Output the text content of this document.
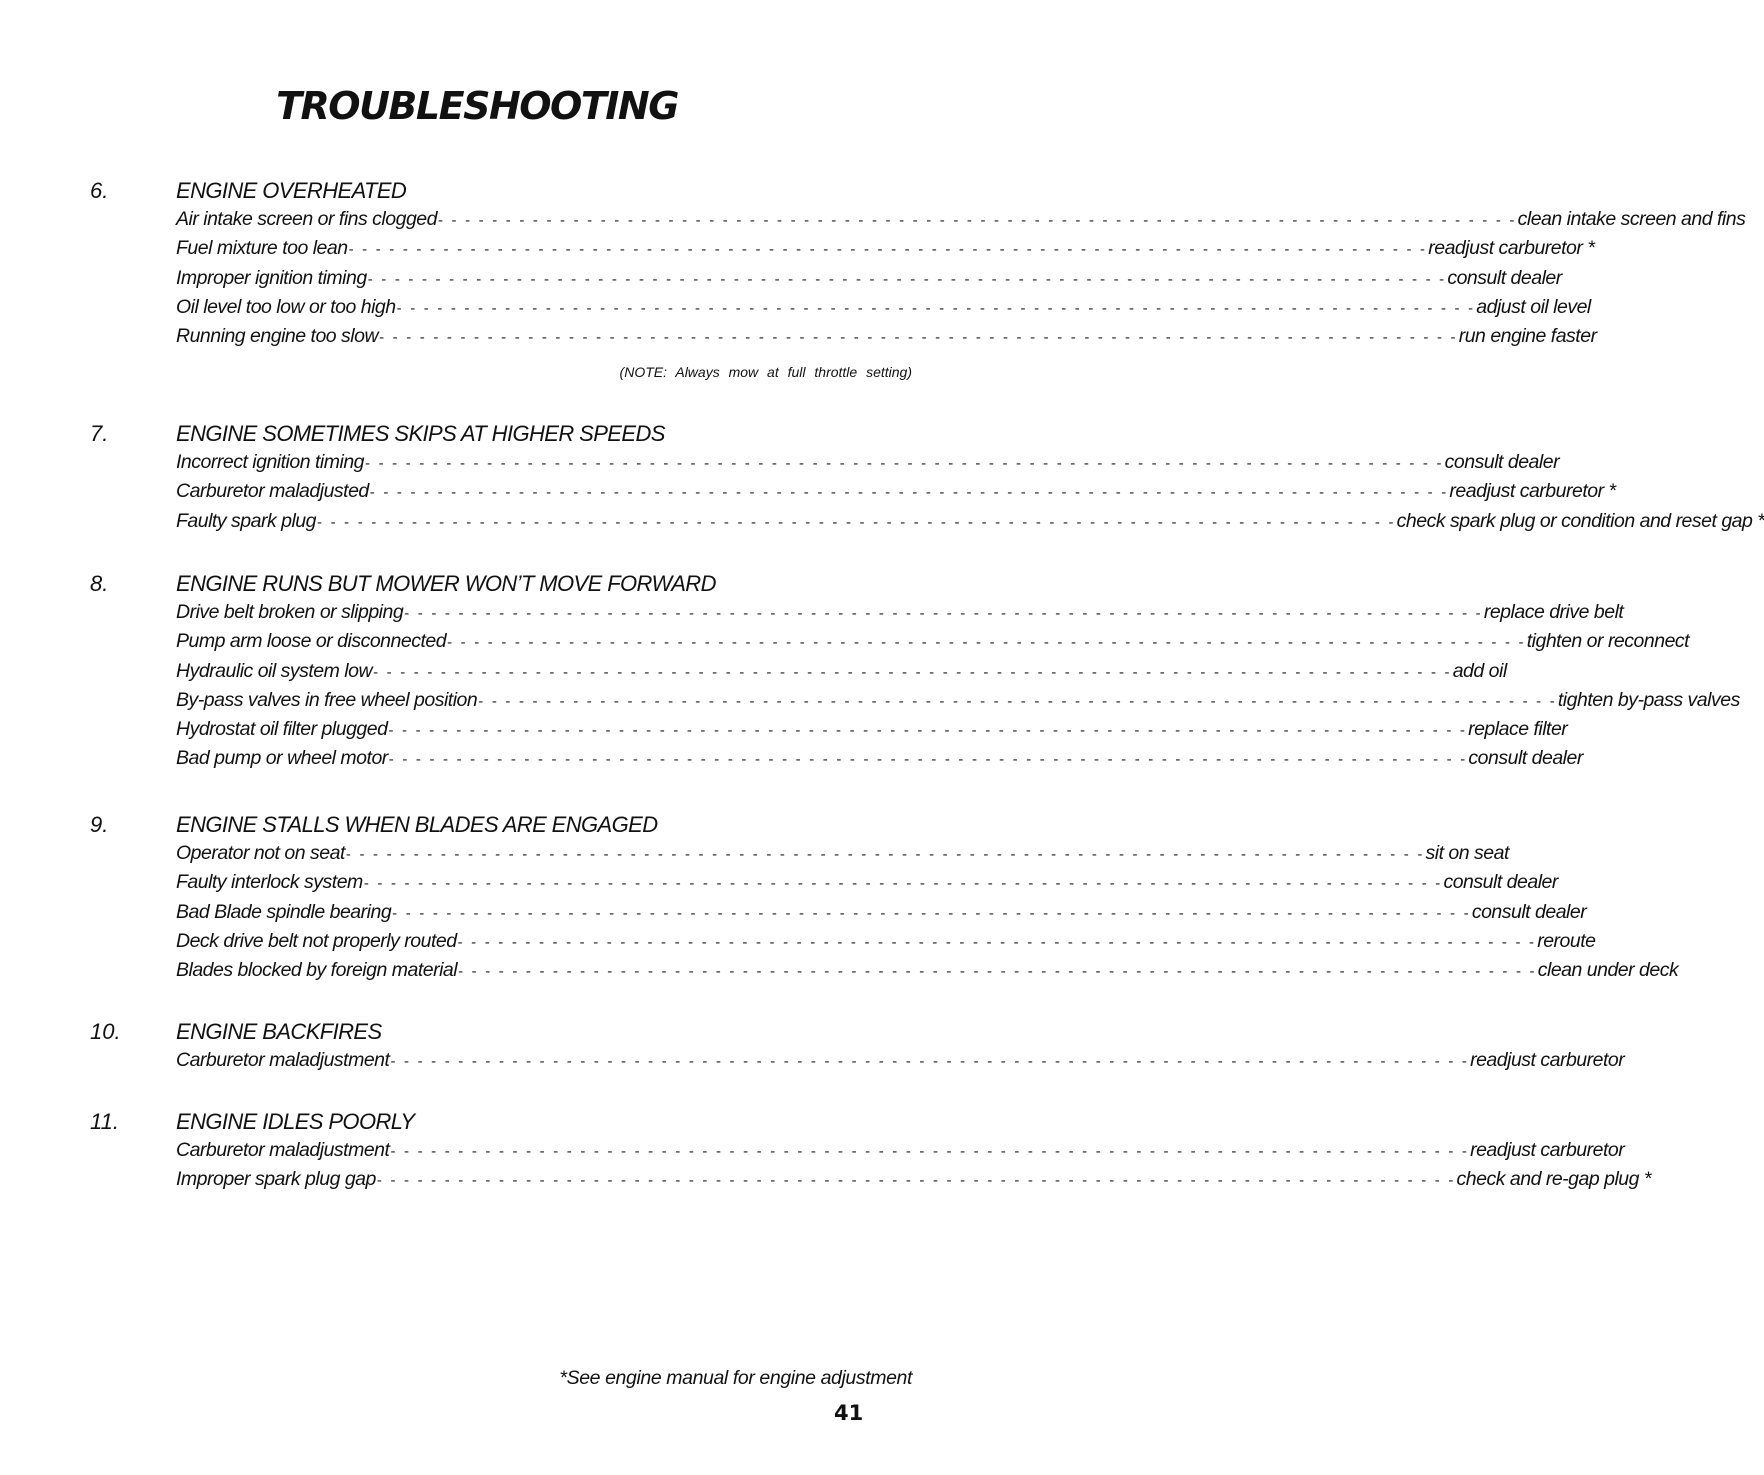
TROUBLESHOOTING
6.	ENGINE OVERHEATED
Air intake screen or fins clogged - - - - - - - - - - - - - - - - - - - - - - - - - - - - - - - - - - - - - - - - - - - - - - - - - - - - - - - - - - - - - - - - - - - - - - - - - - - - - - - - clean intake screen and fins
Fuel mixture too lean - - - - - - - - - - - - - - - - - - - - - - - - - - - - - - - - - - - - - - - - - - - - - - - - - - - - - - - - - - - - - - - - - - - - - - - - - - - - - - - - readjust carburetor *
Improper ignition timing - - - - - - - - - - - - - - - - - - - - - - - - - - - - - - - - - - - - - - - - - - - - - - - - - - - - - - - - - - - - - - - - - - - - - - - - - - - - - - - - consult dealer
Oil level too low or too high - - - - - - - - - - - - - - - - - - - - - - - - - - - - - - - - - - - - - - - - - - - - - - - - - - - - - - - - - - - - - - - - - - - - - - - - - - - - - - - - adjust oil level
Running engine too slow - - - - - - - - - - - - - - - - - - - - - - - - - - - - - - - - - - - - - - - - - - - - - - - - - - - - - - - - - - - - - - - - - - - - - - - - - - - - - - - - run engine faster
(NOTE: Always mow at full throttle setting)
7.	ENGINE SOMETIMES SKIPS AT HIGHER SPEEDS
Incorrect ignition timing - - - - - - - - - - - - - - - - - - - - - - - - - - - - - - - - - - - - - - - - - - - - - - - - - - - - - - - - - - - - - - - - - - - - - - - - - - - - - - - - consult dealer
Carburetor maladjusted - - - - - - - - - - - - - - - - - - - - - - - - - - - - - - - - - - - - - - - - - - - - - - - - - - - - - - - - - - - - - - - - - - - - - - - - - - - - - - - - readjust carburetor *
Faulty spark plug - - - - - - - - - - - - - - - - - - - - - - - - - - - - - - - - - - - - - - - - - - - - - - - - - - - - - - - - - - - - - - - - - - - - - - - - - - - - - - - - check spark plug or condition and reset gap *
8.	ENGINE RUNS BUT MOWER WON’T MOVE FORWARD
Drive belt broken or slipping - - - - - - - - - - - - - - - - - - - - - - - - - - - - - - - - - - - - - - - - - - - - - - - - - - - - - - - - - - - - - - - - - - - - - - - - - - - - - - - - replace drive belt
Pump arm loose or disconnected - - - - - - - - - - - - - - - - - - - - - - - - - - - - - - - - - - - - - - - - - - - - - - - - - - - - - - - - - - - - - - - - - - - - - - - - - - - - - - - - tighten or reconnect
Hydraulic oil system low - - - - - - - - - - - - - - - - - - - - - - - - - - - - - - - - - - - - - - - - - - - - - - - - - - - - - - - - - - - - - - - - - - - - - - - - - - - - - - - - add oil
By-pass valves in free wheel position - - - - - - - - - - - - - - - - - - - - - - - - - - - - - - - - - - - - - - - - - - - - - - - - - - - - - - - - - - - - - - - - - - - - - - - - - - - - - - - - tighten by-pass valves
Hydrostat oil filter plugged - - - - - - - - - - - - - - - - - - - - - - - - - - - - - - - - - - - - - - - - - - - - - - - - - - - - - - - - - - - - - - - - - - - - - - - - - - - - - - - - replace filter
Bad pump or wheel motor - - - - - - - - - - - - - - - - - - - - - - - - - - - - - - - - - - - - - - - - - - - - - - - - - - - - - - - - - - - - - - - - - - - - - - - - - - - - - - - - consult dealer
9.	ENGINE STALLS WHEN BLADES ARE ENGAGED
Operator not on seat - - - - - - - - - - - - - - - - - - - - - - - - - - - - - - - - - - - - - - - - - - - - - - - - - - - - - - - - - - - - - - - - - - - - - - - - - - - - - - - - sit on seat
Faulty interlock system - - - - - - - - - - - - - - - - - - - - - - - - - - - - - - - - - - - - - - - - - - - - - - - - - - - - - - - - - - - - - - - - - - - - - - - - - - - - - - - - consult dealer
Bad Blade spindle bearing - - - - - - - - - - - - - - - - - - - - - - - - - - - - - - - - - - - - - - - - - - - - - - - - - - - - - - - - - - - - - - - - - - - - - - - - - - - - - - - - consult dealer
Deck drive belt not properly routed - - - - - - - - - - - - - - - - - - - - - - - - - - - - - - - - - - - - - - - - - - - - - - - - - - - - - - - - - - - - - - - - - - - - - - - - - - - - - - - - reroute
Blades blocked by foreign material - - - - - - - - - - - - - - - - - - - - - - - - - - - - - - - - - - - - - - - - - - - - - - - - - - - - - - - - - - - - - - - - - - - - - - - - - - - - - - - - clean under deck
10.	ENGINE BACKFIRES
Carburetor maladjustment - - - - - - - - - - - - - - - - - - - - - - - - - - - - - - - - - - - - - - - - - - - - - - - - - - - - - - - - - - - - - - - - - - - - - - - - - - - - - - - - readjust carburetor
11.	ENGINE IDLES POORLY
Carburetor maladjustment - - - - - - - - - - - - - - - - - - - - - - - - - - - - - - - - - - - - - - - - - - - - - - - - - - - - - - - - - - - - - - - - - - - - - - - - - - - - - - - - readjust carburetor
Improper spark plug gap - - - - - - - - - - - - - - - - - - - - - - - - - - - - - - - - - - - - - - - - - - - - - - - - - - - - - - - - - - - - - - - - - - - - - - - - - - - - - - - - check and re-gap plug *
*See engine manual for engine adjustment
41
